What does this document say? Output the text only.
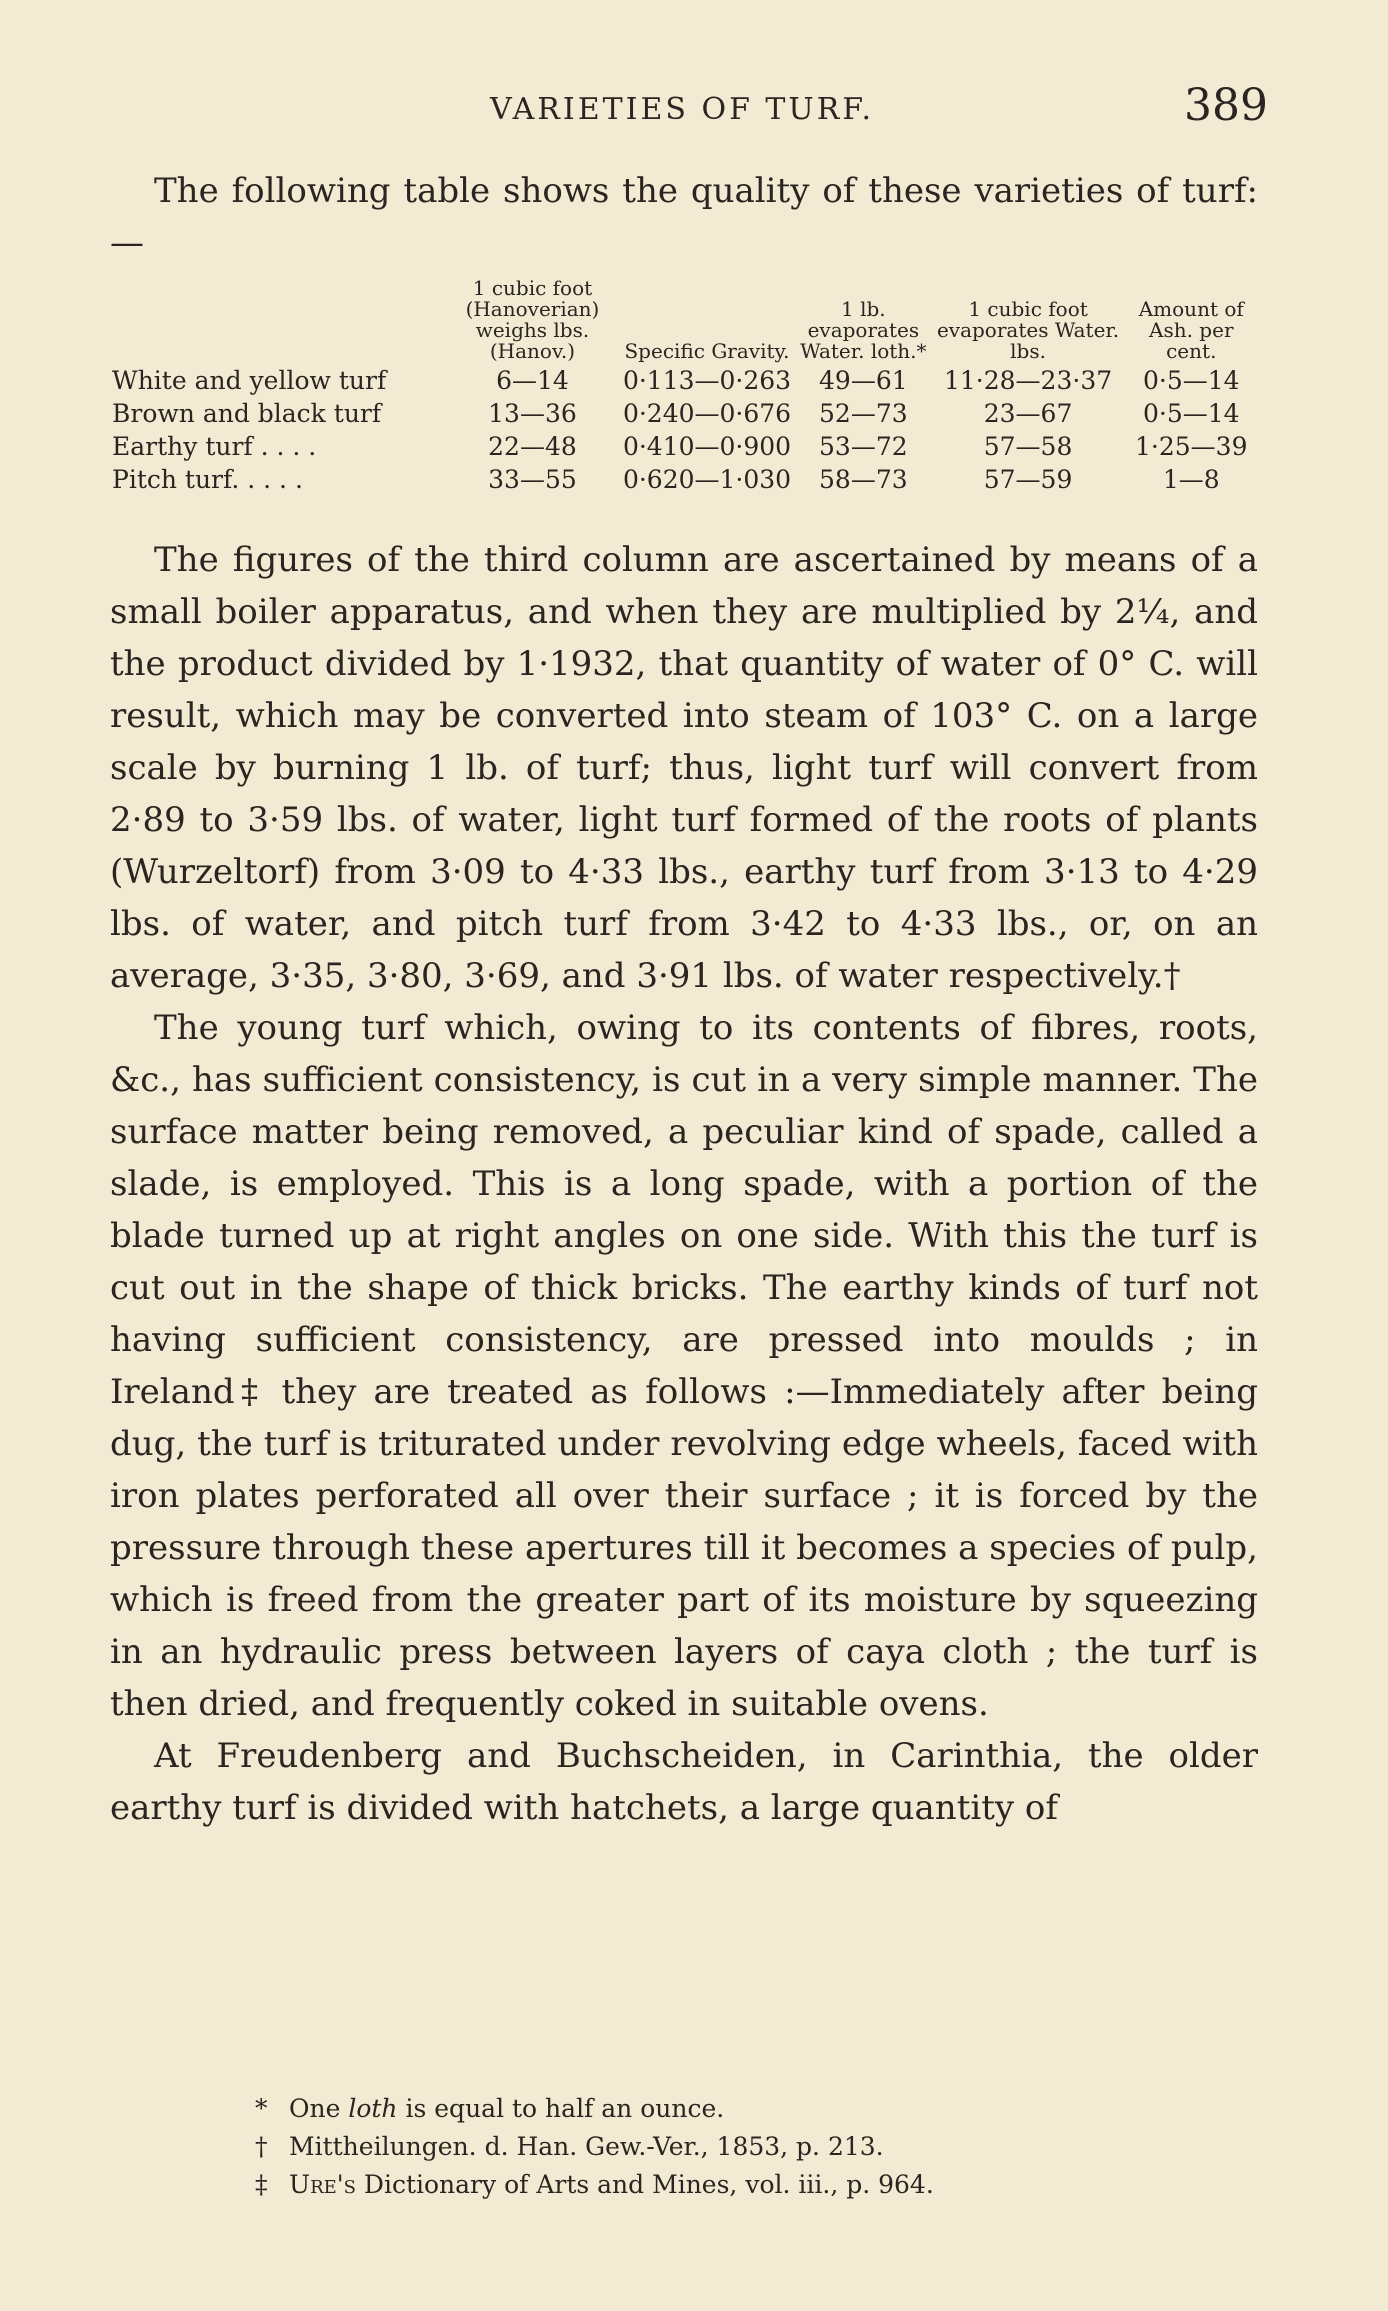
VARIETIES OF TURF.	389

The following table shows the quality of these varieties of turf:—

	1 cubic foot (Hanoverian) weighs lbs. (Hanov.)	Specific Gravity.	1 lb. evaporates Water. loth.*	1 cubic foot evaporates Water. lbs.	Amount of Ash. per cent.
White and yellow turf	6—14	0·113—0·263	49—61	11·28—23·37	0·5—14
Brown and black turf	13—36	0·240—0·676	52—73	23—67	0·5—14
Earthy turf . . . .	22—48	0·410—0·900	53—72	57—58	1·25—39
Pitch turf. . . . .	33—55	0·620—1·030	58—73	57—59	1—8

The figures of the third column are ascertained by means of a small boiler apparatus, and when they are multiplied by 2¼, and the product divided by 1·1932, that quantity of water of 0° C. will result, which may be converted into steam of 103° C. on a large scale by burning 1 lb. of turf; thus, light turf will convert from 2·89 to 3·59 lbs. of water, light turf formed of the roots of plants (Wurzeltorf) from 3·09 to 4·33 lbs., earthy turf from 3·13 to 4·29 lbs. of water, and pitch turf from 3·42 to 4·33 lbs., or, on an average, 3·35, 3·80, 3·69, and 3·91 lbs. of water respectively.†

The young turf which, owing to its contents of fibres, roots, &c., has sufficient consistency, is cut in a very simple manner. The surface matter being removed, a peculiar kind of spade, called a slade, is employed. This is a long spade, with a portion of the blade turned up at right angles on one side. With this the turf is cut out in the shape of thick bricks. The earthy kinds of turf not having sufficient consistency, are pressed into moulds ; in Ireland‡ they are treated as follows :—Immediately after being dug, the turf is triturated under revolving edge wheels, faced with iron plates perforated all over their surface ; it is forced by the pressure through these apertures till it becomes a species of pulp, which is freed from the greater part of its moisture by squeezing in an hydraulic press between layers of caya cloth ; the turf is then dried, and frequently coked in suitable ovens.

At Freudenberg and Buchscheiden, in Carinthia, the older earthy turf is divided with hatchets, a large quantity of

* One loth is equal to half an ounce.
† Mittheilungen. d. Han. Gew.-Ver., 1853, p. 213.
‡ Ure's Dictionary of Arts and Mines, vol. iii., p. 964.
